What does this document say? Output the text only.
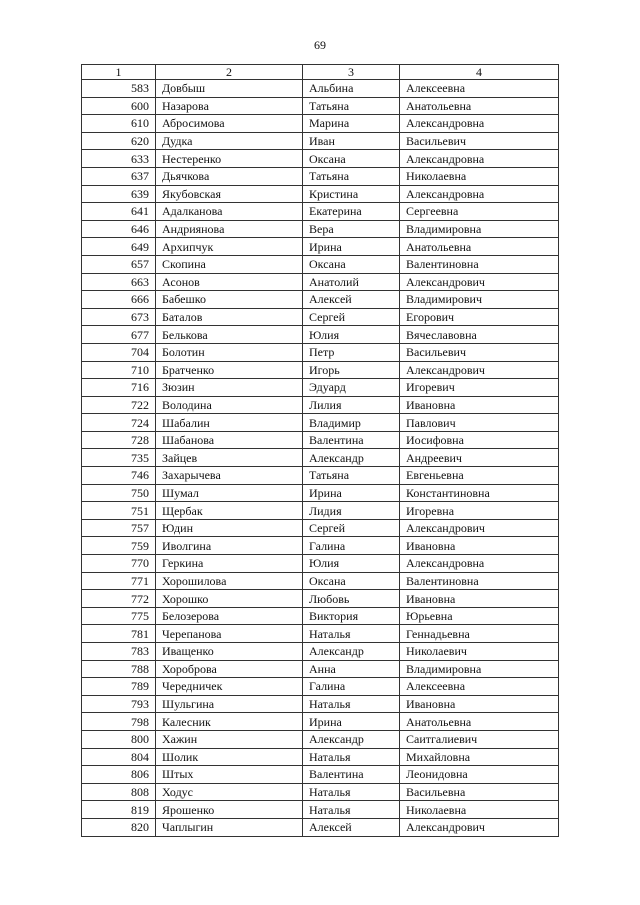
69
1	2	3	4
583	Довбыш	Альбина	Алексеевна
600	Назарова	Татьяна	Анатольевна
610	Абросимова	Марина	Александровна
620	Дудка	Иван	Васильевич
633	Нестеренко	Оксана	Александровна
637	Дьячкова	Татьяна	Николаевна
639	Якубовская	Кристина	Александровна
641	Адалканова	Екатерина	Сергеевна
646	Андриянова	Вера	Владимировна
649	Архипчук	Ирина	Анатольевна
657	Скопина	Оксана	Валентиновна
663	Асонов	Анатолий	Александрович
666	Бабешко	Алексей	Владимирович
673	Баталов	Сергей	Егорович
677	Белькова	Юлия	Вячеславовна
704	Болотин	Петр	Васильевич
710	Братченко	Игорь	Александрович
716	Зюзин	Эдуард	Игоревич
722	Володина	Лилия	Ивановна
724	Шабалин	Владимир	Павлович
728	Шабанова	Валентина	Иосифовна
735	Зайцев	Александр	Андреевич
746	Захарычева	Татьяна	Евгеньевна
750	Шумал	Ирина	Константиновна
751	Щербак	Лидия	Игоревна
757	Юдин	Сергей	Александрович
759	Иволгина	Галина	Ивановна
770	Геркина	Юлия	Александровна
771	Хорошилова	Оксана	Валентиновна
772	Хорошко	Любовь	Ивановна
775	Белозерова	Виктория	Юрьевна
781	Черепанова	Наталья	Геннадьевна
783	Иващенко	Александр	Николаевич
788	Хороброва	Анна	Владимировна
789	Чередничек	Галина	Алексеевна
793	Шульгина	Наталья	Ивановна
798	Калесник	Ирина	Анатольевна
800	Хажин	Александр	Саитгалиевич
804	Шолик	Наталья	Михайловна
806	Штых	Валентина	Леонидовна
808	Ходус	Наталья	Васильевна
819	Ярошенко	Наталья	Николаевна
820	Чаплыгин	Алексей	Александрович
